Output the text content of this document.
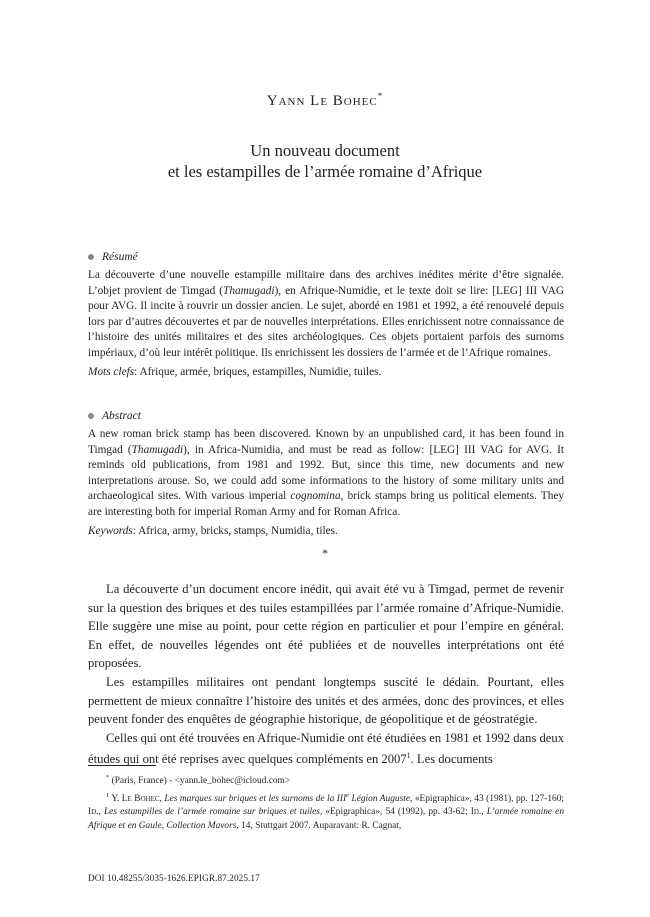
Yann Le Bohec*
Un nouveau document
et les estampilles de l’armée romaine d’Afrique
Résumé

La découverte d’une nouvelle estampille militaire dans des archives inédites mérite d’être signalée. L’objet provient de Timgad (Thamugadi), en Afrique-Numidie, et le texte doit se lire: [LEG] III VAG pour AVG. Il incite à rouvrir un dossier ancien. Le sujet, abordé en 1981 et 1992, a été renouvelé depuis lors par d’autres découvertes et par de nouvelles interprétations. Elles enrichissent notre connaissance de l’histoire des unités militaires et des sites archéologiques. Ces objets portaient parfois des surnoms impériaux, d’où leur intérêt politique. Ils enrichissent les dossiers de l’armée et de l’Afrique romaines.

Mots clefs: Afrique, armée, briques, estampilles, Numidie, tuiles.

Abstract

A new roman brick stamp has been discovered. Known by an unpublished card, it has been found in Timgad (Thamugadi), in Africa-Numidia, and must be read as follow: [LEG] III VAG for AVG. It reminds old publications, from 1981 and 1992. But, since this time, new documents and new interpretations arouse. So, we could add some informations to the history of some military units and archaeological sites. With various imperial cognomina, brick stamps bring us political elements. They are interesting both for imperial Roman Army and for Roman Africa.

Keywords: Africa, army, bricks, stamps, Numidia, tiles.

*

La découverte d’un document encore inédit, qui avait été vu à Timgad, permet de revenir sur la question des briques et des tuiles estampillées par l’armée romaine d’Afrique-Numidie. Elle suggère une mise au point, pour cette région en particulier et pour l’empire en général. En effet, de nouvelles légendes ont été publiées et de nouvelles interprétations ont été proposées.

Les estampilles militaires ont pendant longtemps suscité le dédain. Pourtant, elles permettent de mieux connaître l’histoire des unités et des armées, donc des provinces, et elles peuvent fonder des enquêtes de géographie historique, de géopolitique et de géostratégie.

Celles qui ont été trouvées en Afrique-Numidie ont été étudiées en 1981 et 1992 dans deux études qui ont été reprises avec quelques compléments en 2007$^1$. Les documents

* (Paris, France) - <yann.le_bohec@icloud.com>

$^1$ Y. Le Bohec, Les marques sur briques et les surnoms de la IIIe Légion Auguste, «Epigraphica», 43 (1981), pp. 127-160; Id., Les estampilles de l’armée romaine sur briques et tuiles, «Epigraphica», 54 (1992), pp. 43-62; Id., L’armée romaine en Afrique et en Gaule, Collection Mavors, 14, Stuttgart 2007. Auparavant: R. Cagnat,

DOI 10.48255/3035-1626.EPIGR.87.2025.17
